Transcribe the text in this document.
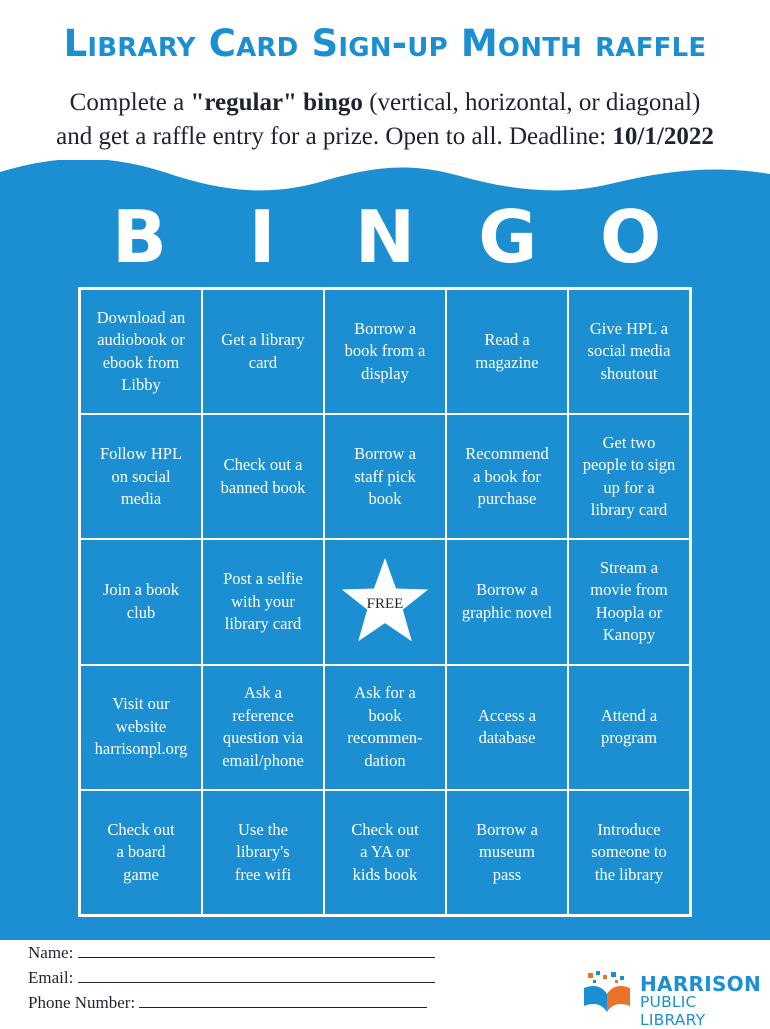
Library Card Sign-up Month raffle
Complete a "regular" bingo (vertical, horizontal, or diagonal)
and get a raffle entry for a prize. Open to all. Deadline: 10/1/2022
B	I	N G O
Download an
audiobook or
ebook from
Libby
Get a library
card
Borrow a
book from a
display
Read a
magazine
Give HPL a
social media
shoutout
Follow HPL
on social
media
Check out a
banned book
Borrow a
staff pick
book
Recommend
a book for
purchase
Get two
people to sign
up for a
library card
Join a book
club
Post a selfie
with your
library card
FREE
Borrow a
graphic novel
Stream a
movie from
Hoopla or
Kanopy
Visit our
website
harrisonpl.org
Ask a
reference
question via
email/phone
Ask for a
book
recommen-
dation
Access a
database
Attend a
program
Check out
a board
game
Use the
library's
free wifi
Check out
a YA or
kids book
Borrow a
museum
pass
Introduce
someone to
the library
Name:
Email:
Phone Number:
HARRISON
PUBLIC LIBRARY
